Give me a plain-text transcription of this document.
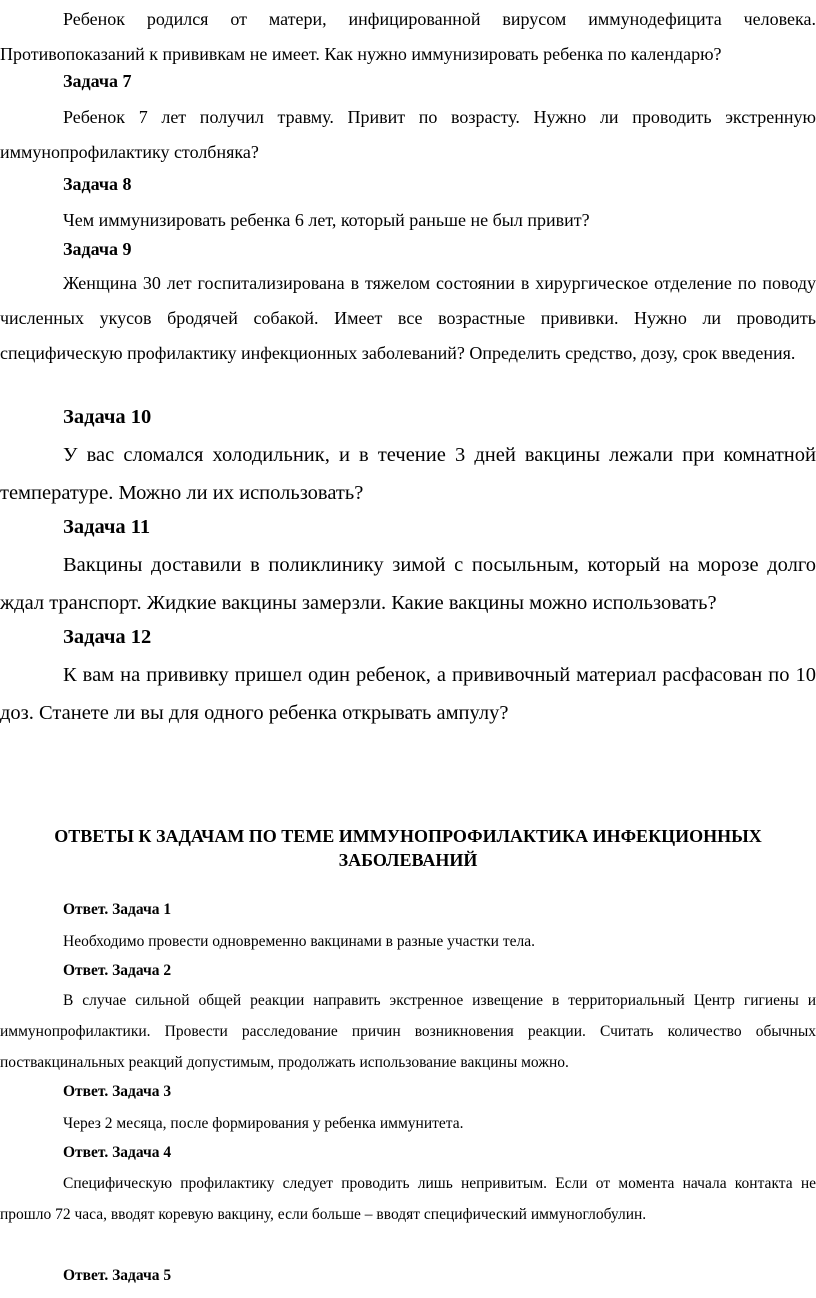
Ребенок родился от матери, инфицированной вирусом иммунодефицита человека. Противопоказаний к прививкам не имеет. Как нужно иммунизировать ребенка по календарю?

Задача 7

Ребенок 7 лет получил травму. Привит по возрасту. Нужно ли проводить экстренную иммунопрофилактику столбняка?

Задача 8

Чем иммунизировать ребенка 6 лет, который раньше не был привит?

Задача 9

Женщина 30 лет госпитализирована в тяжелом состоянии в хирургическое отделение по поводу численных укусов бродячей собакой. Имеет все возрастные прививки. Нужно ли проводить специфическую профилактику инфекционных заболеваний? Определить средство, дозу, срок введения.

Задача 10

У вас сломался холодильник, и в течение 3 дней вакцины лежали при комнатной температуре. Можно ли их использовать?

Задача 11

Вакцины доставили в поликлинику зимой с посыльным, который на морозе долго ждал транспорт. Жидкие вакцины замерзли. Какие вакцины можно использовать?

Задача 12

К вам на прививку пришел один ребенок, а прививочный материал расфасован по 10 доз. Станете ли вы для одного ребенка открывать ампулу?

ОТВЕТЫ К ЗАДАЧАМ ПО ТЕМЕ ИММУНОПРОФИЛАКТИКА ИНФЕКЦИОННЫХ ЗАБОЛЕВАНИЙ

Ответ. Задача 1

Необходимо провести одновременно вакцинами в разные участки тела.

Ответ. Задача 2

В случае сильной общей реакции направить экстренное извещение в территориальный Центр гигиены и иммунопрофилактики. Провести расследование причин возникновения реакции. Считать количество обычных поствакцинальных реакций допустимым, продолжать использование вакцины можно.

Ответ. Задача 3

Через 2 месяца, после формирования у ребенка иммунитета.

Ответ. Задача 4

Специфическую профилактику следует проводить лишь непривитым. Если от момента начала контакта не прошло 72 часа, вводят коревую вакцину, если больше – вводят специфический иммуноглобулин.

Ответ. Задача 5
